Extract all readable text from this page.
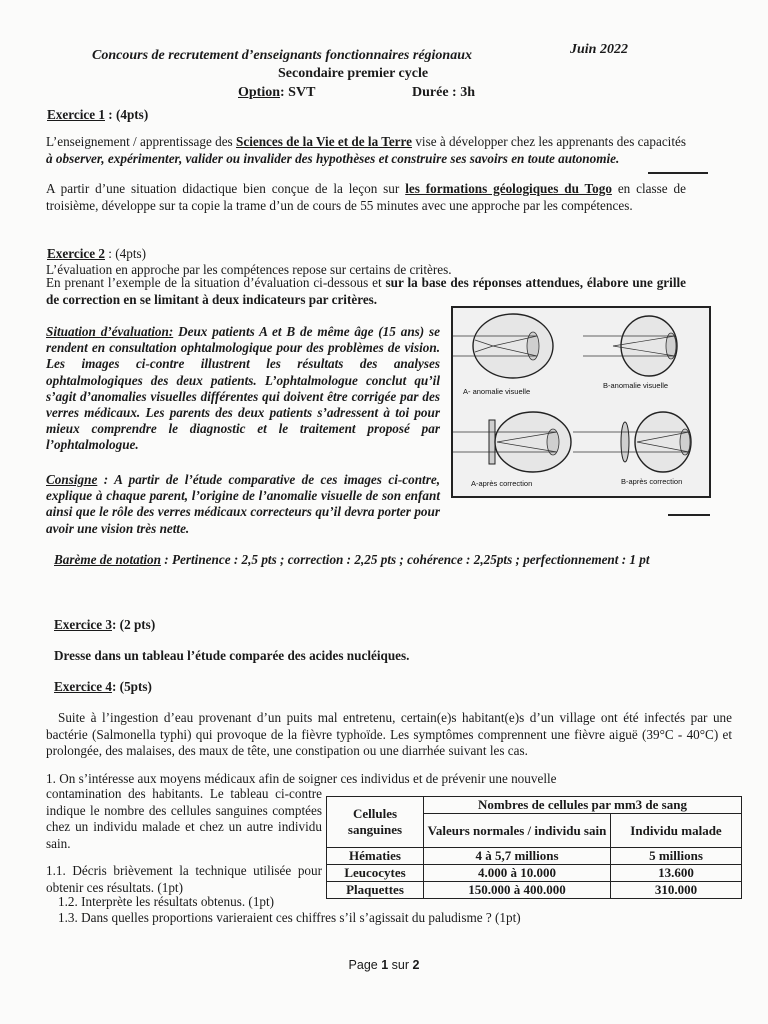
Concours de recrutement d’enseignants fonctionnaires régionaux	Juin 2022
Secondaire premier cycle
Option: SVT	Durée : 3h
Exercice 1 : (4pts)
L’enseignement / apprentissage des Sciences de la Vie et de la Terre vise à développer chez les apprenants des capacités à observer, expérimenter, valider ou invalider des hypothèses et construire ses savoirs en toute autonomie.
A partir d’une situation didactique bien conçue de la leçon sur les formations géologiques du Togo en classe de troisième, développe sur ta copie la trame d’un de cours de 55 minutes avec une approche par les compétences.
Exercice 2 : (4pts)
L’évaluation en approche par les compétences repose sur certains de critères.
En prenant l’exemple de la situation d’évaluation ci-dessous et sur la base des réponses attendues, élabore une grille de correction en se limitant à deux indicateurs par critères.
Situation d’évaluation: Deux patients A et B de même âge (15 ans) se rendent en consultation ophtalmologique pour des problèmes de vision. Les images ci-contre illustrent les résultats des analyses ophtalmologiques des deux patients. L’ophtalmologue conclut qu’il s’agit d’anomalies visuelles différentes qui doivent être corrigée par des verres médicaux. Les parents des deux patients s’adressent à toi pour mieux comprendre le diagnostic et le traitement proposé par l’ophtalmologue.
A- anomalie visuelle
B-anomalie visuelle
A-après correction	B-après correction
Consigne : A partir de l’étude comparative de ces images ci-contre, explique à chaque parent, l’origine de l’anomalie visuelle de son enfant ainsi que le rôle des verres médicaux correcteurs qu’il devra porter pour avoir une vision très nette.
Barème de notation : Pertinence : 2,5 pts ; correction : 2,25 pts ; cohérence : 2,25pts ; perfectionnement : 1 pt
Exercice 3: (2 pts)
Dresse dans un tableau l’étude comparée des acides nucléiques.
Exercice 4: (5pts)
Suite à l’ingestion d’eau provenant d’un puits mal entretenu, certain(e)s habitant(e)s d’un village ont été infectés par une bactérie (Salmonella typhi) qui provoque de la fièvre typhoïde. Les symptômes comprennent une fièvre aiguë (39°C - 40°C) et prolongée, des malaises, des maux de tête, une constipation ou une diarrhée suivant les cas.
1. On s’intéresse aux moyens médicaux afin de soigner ces individus et de prévenir une nouvelle
contamination des habitants. Le tableau ci-contre indique le nombre des cellules sanguines comptées chez un individu malade et chez un autre individu sain.
Cellules sanguines	Nombres de cellules par mm3 de sang	
	Valeurs normales / individu sain	Individu malade
Hématies	4 à 5,7 millions	5 millions
Leucocytes	4.000 à 10.000	13.600
Plaquettes	150.000 à 400.000	310.000
1.1. Décris brièvement la technique utilisée pour obtenir ces résultats. (1pt)
1.2. Interprète les résultats obtenus. (1pt)
1.3. Dans quelles proportions varieraient ces chiffres s’il s’agissait du paludisme ? (1pt)
Page 1 sur 2
